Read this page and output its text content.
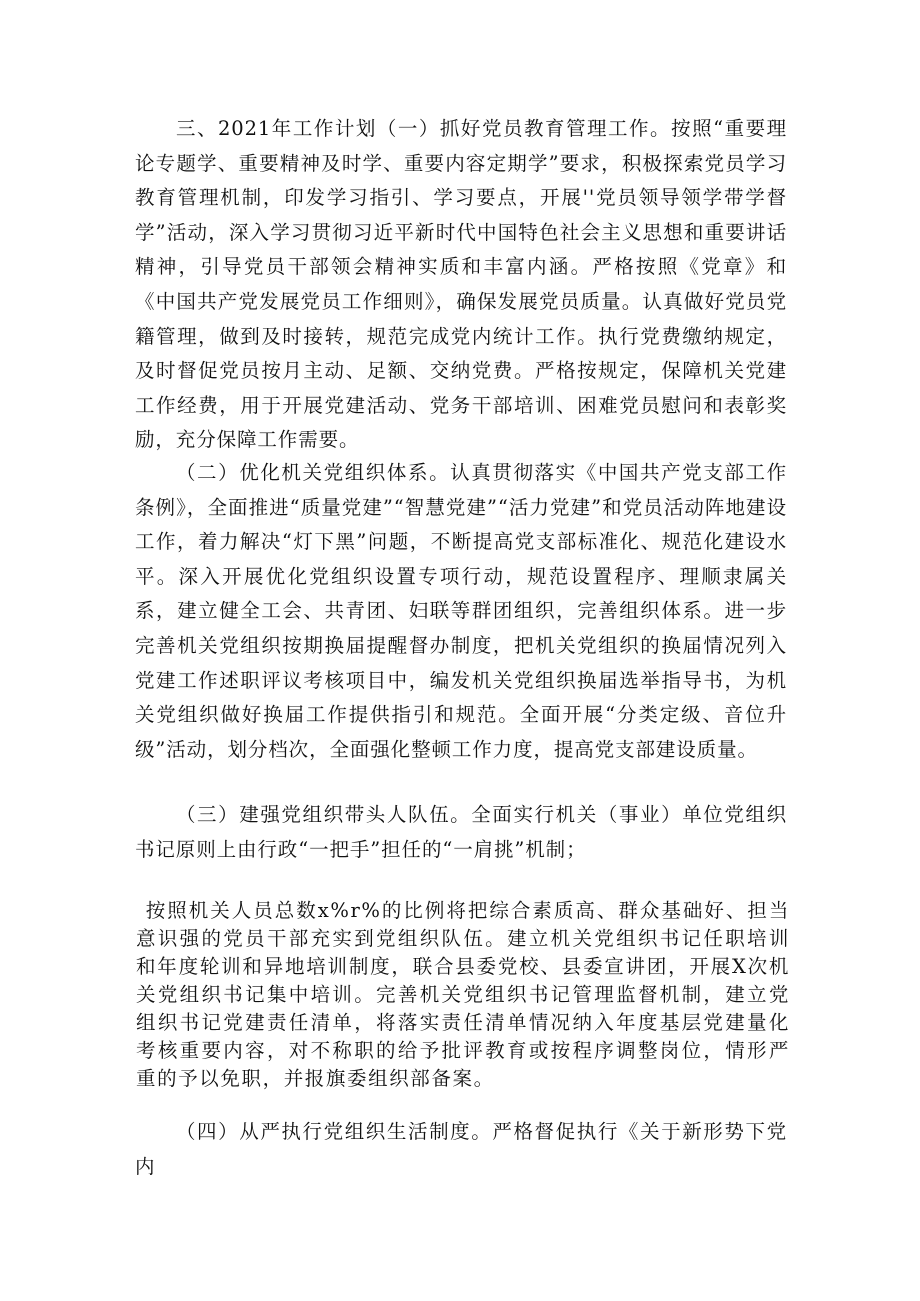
三、2021年工作计划（一）抓好党员教育管理工作。按照“重要理论专题学、重要精神及时学、重要内容定期学”要求，积极探索党员学习教育管理机制，印发学习指引、学习要点，开展''党员领导领学带学督学”活动，深入学习贯彻习近平新时代中国特色社会主义思想和重要讲话精神，引导党员干部领会精神实质和丰富内涵。严格按照《党章》和《中国共产党发展党员工作细则》，确保发展党员质量。认真做好党员党籍管理，做到及时接转，规范完成党内统计工作。执行党费缴纳规定，及时督促党员按月主动、足额、交纳党费。严格按规定，保障机关党建工作经费，用于开展党建活动、党务干部培训、困难党员慰问和表彰奖励，充分保障工作需要。

（二）优化机关党组织体系。认真贯彻落实《中国共产党支部工作条例》，全面推进“质量党建”“智慧党建”“活力党建”和党员活动阵地建设工作，着力解决“灯下黑”问题，不断提高党支部标准化、规范化建设水平。深入开展优化党组织设置专项行动，规范设置程序、理顺隶属关系，建立健全工会、共青团、妇联等群团组织，完善组织体系。进一步完善机关党组织按期换届提醒督办制度，把机关党组织的换届情况列入党建工作述职评议考核项目中，编发机关党组织换届选举指导书，为机关党组织做好换届工作提供指引和规范。全面开展“分类定级、音位升级”活动，划分档次，全面强化整顿工作力度，提高党支部建设质量。

（三）建强党组织带头人队伍。全面实行机关（事业）单位党组织书记原则上由行政“一把手”担任的“一肩挑”机制；

按照机关人员总数x%r%的比例将把综合素质高、群众基础好、担当意识强的党员干部充实到党组织队伍。建立机关党组织书记任职培训和年度轮训和异地培训制度，联合县委党校、县委宣讲团，开展X次机关党组织书记集中培训。完善机关党组织书记管理监督机制，建立党组织书记党建责任清单，将落实责任清单情况纳入年度基层党建量化考核重要内容，对不称职的给予批评教育或按程序调整岗位，情形严重的予以免职，并报旗委组织部备案。

（四）从严执行党组织生活制度。严格督促执行《关于新形势下党内
